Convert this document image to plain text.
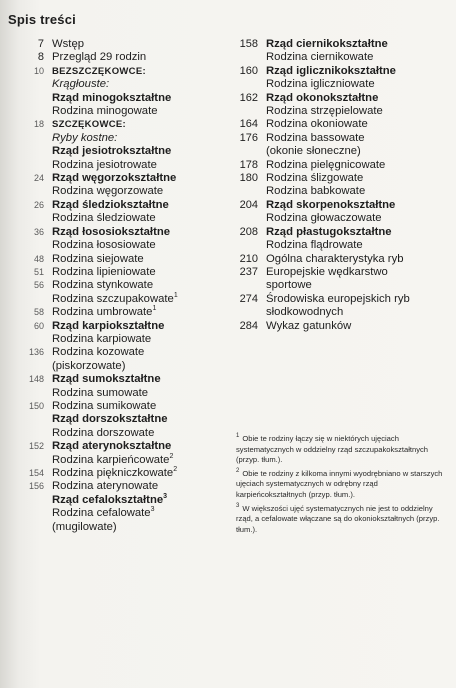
Spis treści
7 Wstęp
8 Przegląd 29 rodzin
10 BEZSZCZĘKOWCE:
Krągłouste:
Rząd minogokształtne
Rodzina minogowate
18 SZCZĘKOWCE:
Ryby kostne:
Rząd jesiotrokształtne
Rodzina jesiotrowate
24 Rząd węgorzokształtne
Rodzina węgorzowate
26 Rząd śledziokształtne
Rodzina śledziowate
36 Rząd łososiokształtne
Rodzina łososiowate
48 Rodzina siejowate
51 Rodzina lipieniowate
56 Rodzina stynkowate
Rodzina szczupakowate$^1$
58 Rodzina umbrowate$^1$
60 Rząd karpiokształtne
Rodzina karpiowate
136 Rodzina kozowate
(piskorzowate)
148 Rząd sumokształtne
Rodzina sumowate
150 Rodzina sumikowate
Rząd dorszokształtne
Rodzina dorszowate
152 Rząd aterynokształtne
Rodzina karpieńcowate$^2$
154 Rodzina piękniczkowate$^2$
156 Rodzina aterynowate
Rząd cefalokształtne$^3$
Rodzina cefalowate$^3$
(mugilowate)
158 Rząd ciernikokształtne
Rodzina ciernikowate
160 Rząd iglicznikokształtne
Rodzina igliczniowate
162 Rząd okonokształtne
Rodzina strzępielowate
164 Rodzina okoniowate
176 Rodzina bassowate
(okonie słoneczne)
178 Rodzina pielęgnicowate
180 Rodzina ślizgowate
Rodzina babkowate
204 Rząd skorpenokształtne
Rodzina głowaczowate
208 Rząd płastugokształtne
Rodzina flądrowate
210 Ogólna charakterystyka ryb
237 Europejskie wędkarstwo
sportowe
274 Środowiska europejskich ryb
słodkowodnych
284 Wykaz gatunków
$^1$ Obie te rodziny łączy się w niektórych ujęciach systematycznych w oddzielny rząd szczupakokształtnych (przyp. tłum.).
$^2$ Obie te rodziny z kilkoma innymi wyodrębniano w starszych ujęciach systematycznych w odrębny rząd karpieńcokształtnych (przyp. tłum.).
$^3$ W większości ujęć systematycznych nie jest to oddzielny rząd, a cefalowate włączane są do okoniokształtnych (przyp. tłum.).
